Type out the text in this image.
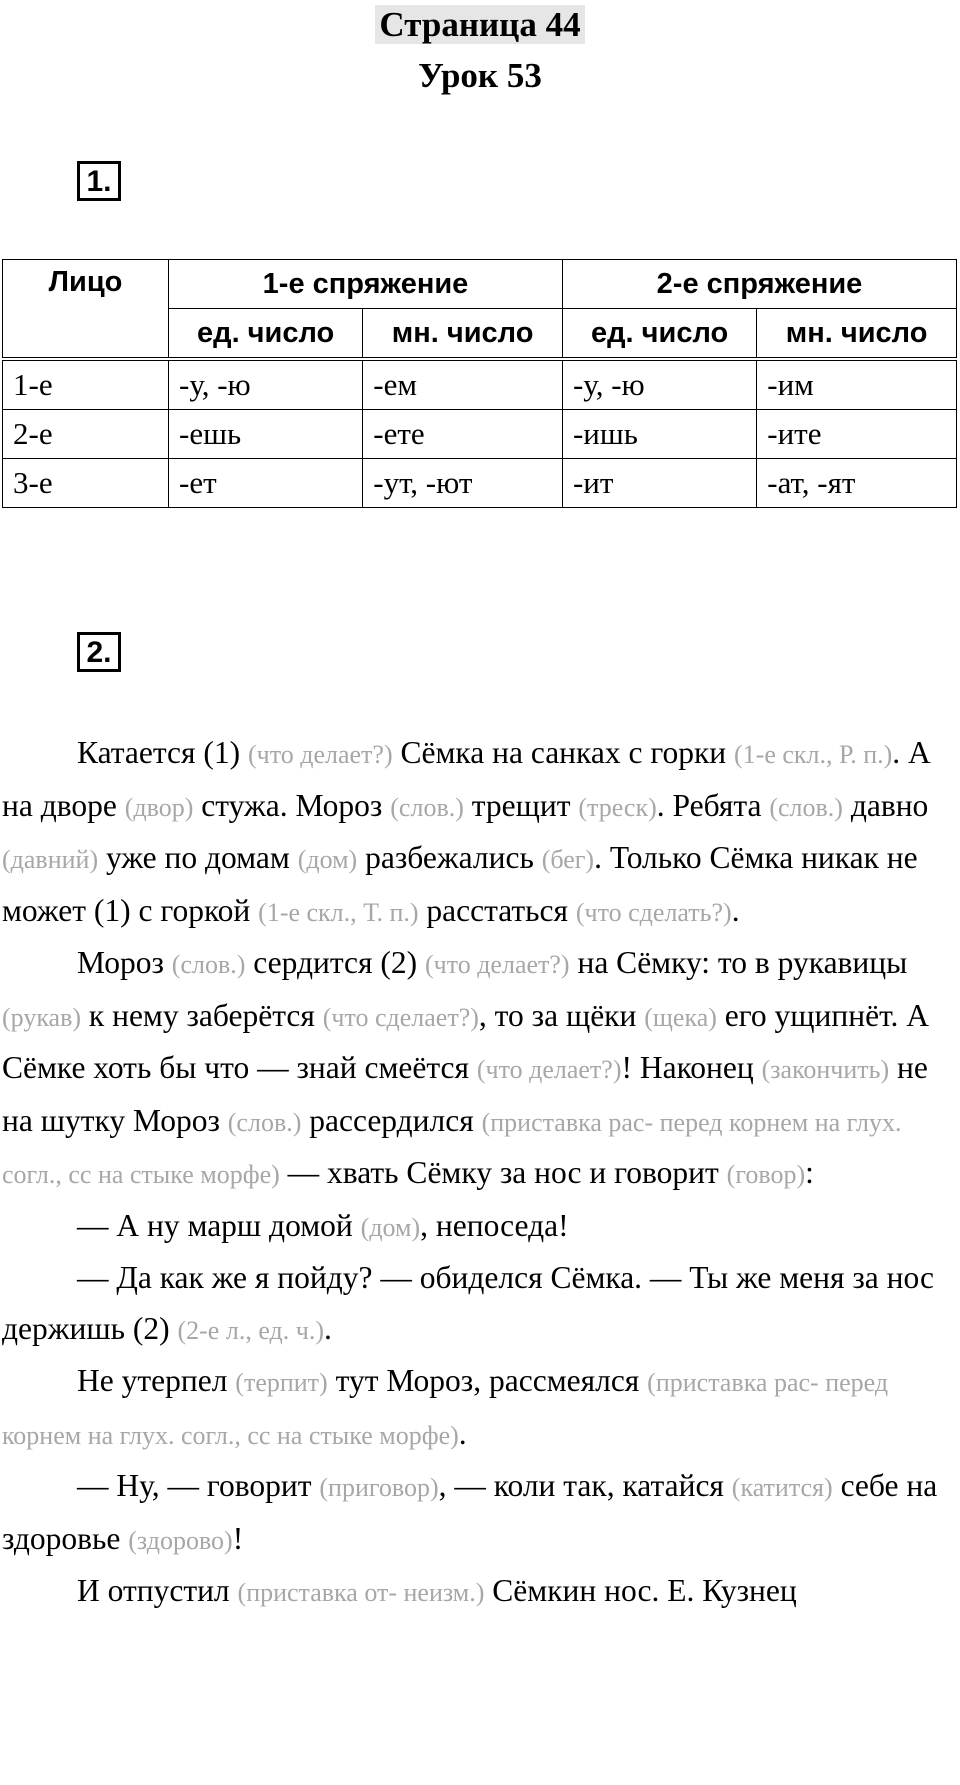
Страница 44
Урок 53
1.
Лицо	1-е спряжение		2-е спряжение	
	ед. число	мн. число	ед. число	мн. число
1-е	-у, -ю	-ем	-у, -ю	-им
2-е	-ешь	-ете	-ишь	-ите
3-е	-ет	-ут, -ют	-ит	-ат, -ят
2.

Катается (1) (что делает?) Сёмка на санках с горки (1-е скл., Р. п.). А на дворе (двор) стужа. Мороз (слов.) трещит (треск). Ребята (слов.) давно (давний) уже по домам (дом) разбежались (бег). Только Сёмка никак не может (1) с горкой (1-е скл., Т. п.) расстаться (что сделать?).

Мороз (слов.) сердится (2) (что делает?) на Сёмку: то в рукавицы (рукав) к нему заберётся (что сделает?), то за щёки (щека) его ущипнёт. А Сёмке хоть бы что — знай смеётся (что делает?)! Наконец (закончить) не на шутку Мороз (слов.) рассердился (приставка рас- перед корнем на глух. согл., сс на стыке морфе) — хвать Сёмку за нос и говорит (говор):

— А ну марш домой (дом), непоседа!

— Да как же я пойду? — обиделся Сёмка. — Ты же меня за нос держишь (2) (2-е л., ед. ч.).

Не утерпел (терпит) тут Мороз, рассмеялся (приставка рас- перед корнем на глух. согл., сс на стыке морфе).

— Ну, — говорит (приговор), — коли так, катайся (катится) себе на здоровье (здорово)!

И отпустил (приставка от- неизм.) Сёмкин нос. Е. Кузнец
